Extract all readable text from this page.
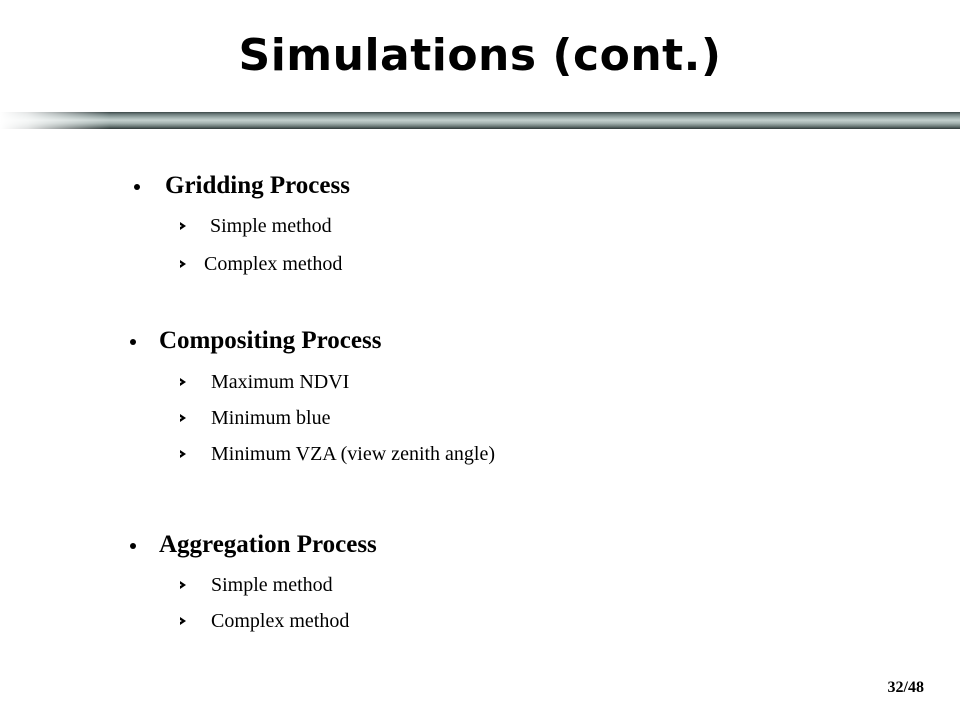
Simulations (cont.)
Gridding Process
Simple method
Complex method
Compositing Process
Maximum NDVI
Minimum blue
Minimum VZA (view zenith angle)
Aggregation Process
Simple method
Complex method
32/48
